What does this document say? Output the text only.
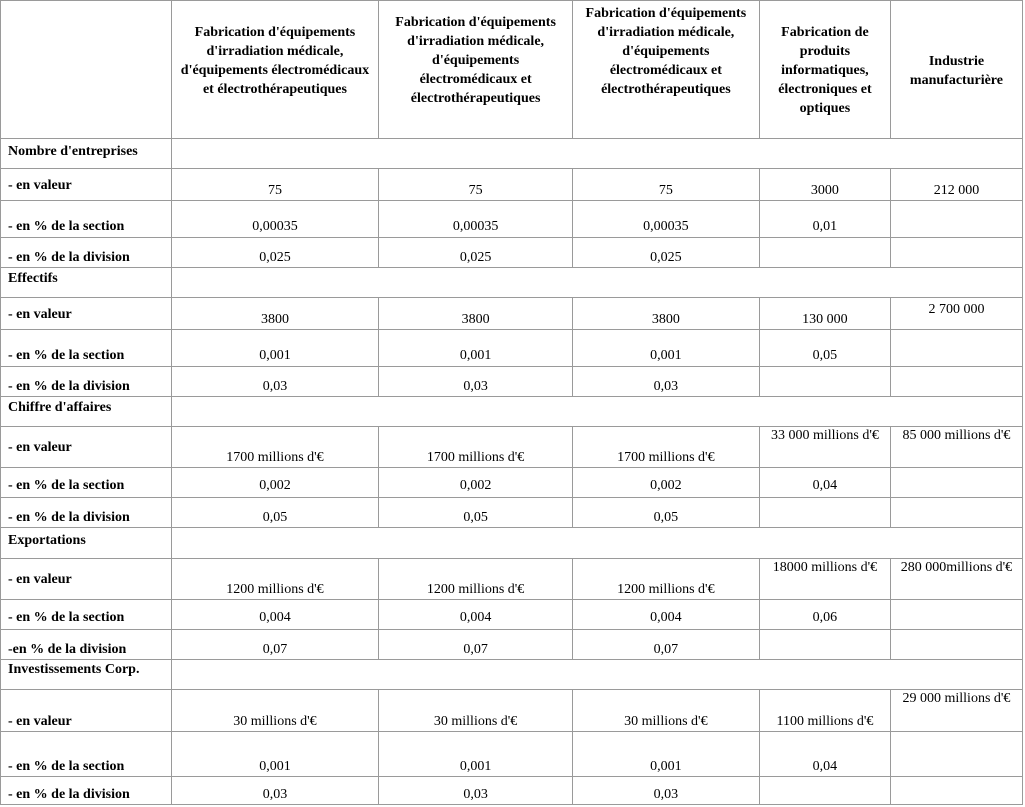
	Fabrication d'équipements d'irradiation médicale, d'équipements électromédicaux et électrothérapeutiques	Fabrication d'équipements d'irradiation médicale, d'équipements électromédicaux et électrothérapeutiques	Fabrication d'équipements d'irradiation médicale, d'équipements électromédicaux et électrothérapeutiques	Fabrication de produits informatiques, électroniques et optiques	Industrie manufacturière
Nombre d'entreprises					
- en valeur	75	75	75	3000	212 000
- en % de la section	0,00035	0,00035	0,00035	0,01	
- en % de la division	0,025	0,025	0,025		
Effectifs					
- en valeur	3800	3800	3800	130 000	2 700 000
- en % de la section	0,001	0,001	0,001	0,05	
- en % de la division	0,03	0,03	0,03		
Chiffre d'affaires					
- en valeur	1700 millions d'€	1700 millions d'€	1700 millions d'€	33 000 millions d'€	85 000 millions d'€
- en % de la section	0,002	0,002	0,002	0,04	
- en % de la division	0,05	0,05	0,05		
Exportations					
- en valeur	1200 millions d'€	1200 millions d'€	1200 millions d'€	18000 millions d'€	280 000millions d'€
- en % de la section	0,004	0,004	0,004	0,06	
-en % de la division	0,07	0,07	0,07		
Investissements Corp.					
- en valeur	30 millions d'€	30 millions d'€	30 millions d'€	1100 millions d'€	29 000 millions d'€
- en % de la section	0,001	0,001	0,001	0,04	
- en % de la division	0,03	0,03	0,03		
